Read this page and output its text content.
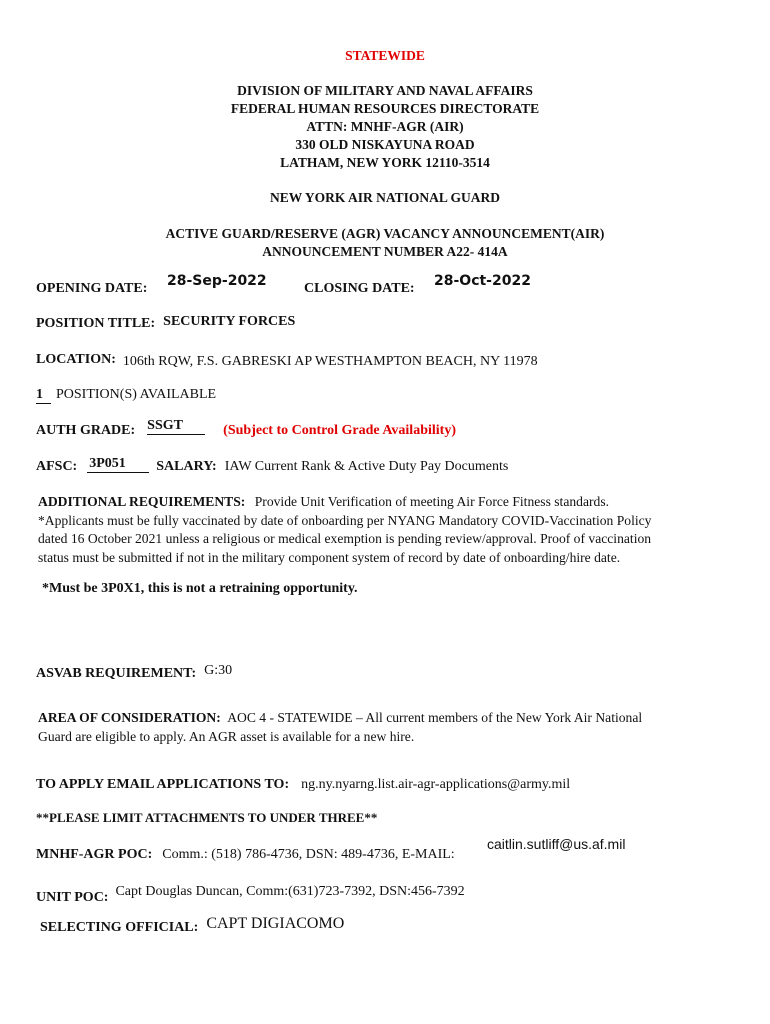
STATEWIDE
DIVISION OF MILITARY AND NAVAL AFFAIRS
FEDERAL HUMAN RESOURCES DIRECTORATE
ATTN: MNHF-AGR (AIR)
330 OLD NISKAYUNA ROAD
LATHAM, NEW YORK 12110-3514
NEW YORK AIR NATIONAL GUARD
ACTIVE GUARD/RESERVE (AGR) VACANCY ANNOUNCEMENT(AIR)
ANNOUNCEMENT NUMBER A22- 414A
OPENING DATE: 28-Sep-2022	CLOSING DATE: 28-Oct-2022
POSITION TITLE: SECURITY FORCES
LOCATION: 106th RQW, F.S. GABRESKI AP WESTHAMPTON BEACH, NY 11978
1 POSITION(S) AVAILABLE
AUTH GRADE: SSGT	(Subject to Control Grade Availability)
AFSC: 3P051 SALARY: IAW Current Rank & Active Duty Pay Documents
ADDITIONAL REQUIREMENTS: Provide Unit Verification of meeting Air Force Fitness standards.
*Applicants must be fully vaccinated by date of onboarding per NYANG Mandatory COVID-Vaccination Policy
dated 16 October 2021 unless a religious or medical exemption is pending review/approval. Proof of vaccination
status must be submitted if not in the military component system of record by date of onboarding/hire date.
*Must be 3P0X1, this is not a retraining opportunity.
ASVAB REQUIREMENT: G:30
AREA OF CONSIDERATION: AOC 4 - STATEWIDE – All current members of the New York Air National
Guard are eligible to apply. An AGR asset is available for a new hire.
TO APPLY EMAIL APPLICATIONS TO: ng.ny.nyarng.list.air-agr-applications@army.mil
**PLEASE LIMIT ATTACHMENTS TO UNDER THREE**
MNHF-AGR POC: Comm.: (518) 786-4736, DSN: 489-4736, E-MAIL:
caitlin.sutliff@us.af.mil
UNIT POC: Capt Douglas Duncan, Comm:(631)723-7392, DSN:456-7392
SELECTING OFFICIAL: CAPT DIGIACOMO
